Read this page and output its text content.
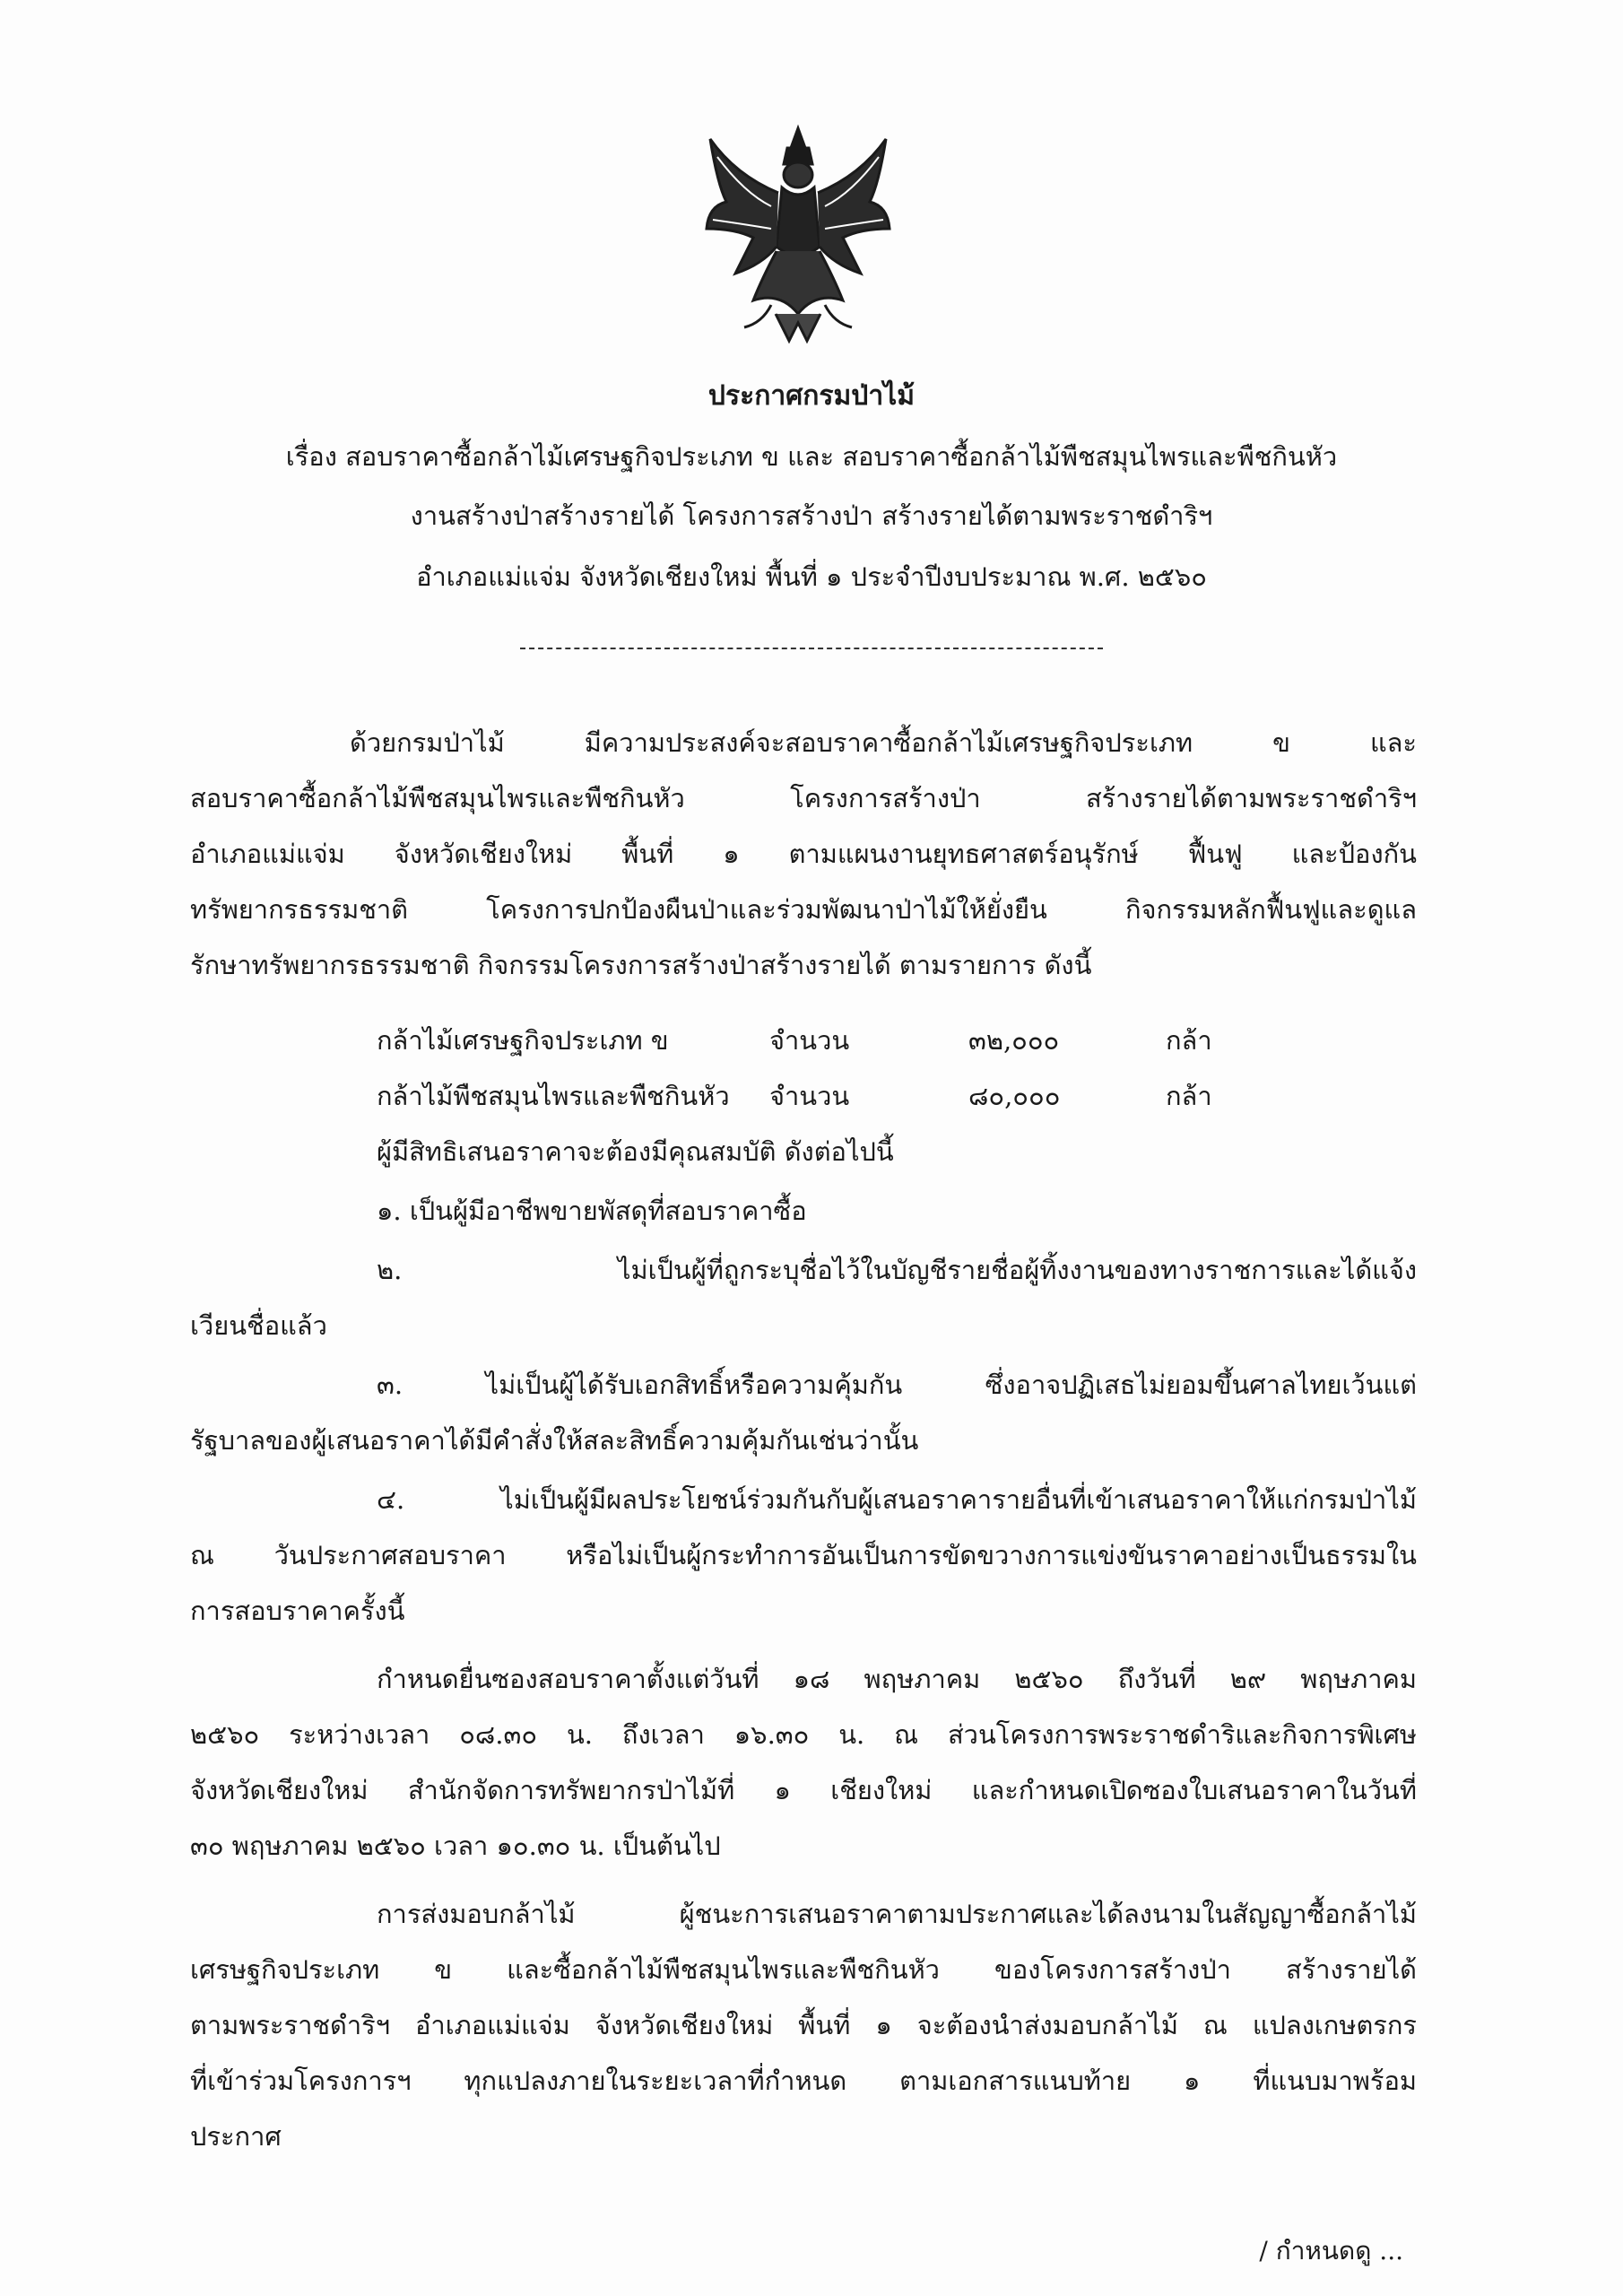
ประกาศกรมป่าไม้
เรื่อง สอบราคาซื้อกล้าไม้เศรษฐกิจประเภท ข และ สอบราคาซื้อกล้าไม้พืชสมุนไพรและพืชกินหัว
งานสร้างป่าสร้างรายได้ โครงการสร้างป่า สร้างรายได้ตามพระราชดำริฯ
อำเภอแม่แจ่ม จังหวัดเชียงใหม่ พื้นที่ ๑ ประจำปีงบประมาณ พ.ศ. ๒๕๖๐
ด้วยกรมป่าไม้ มีความประสงค์จะสอบราคาซื้อกล้าไม้เศรษฐกิจประเภท ข และ
สอบราคาซื้อกล้าไม้พืชสมุนไพรและพืชกินหัว โครงการสร้างป่า สร้างรายได้ตามพระราชดำริฯ
อำเภอแม่แจ่ม จังหวัดเชียงใหม่ พื้นที่ ๑ ตามแผนงานยุทธศาสตร์อนุรักษ์ ฟื้นฟู และป้องกัน
ทรัพยากรธรรมชาติ โครงการปกป้องผืนป่าและร่วมพัฒนาป่าไม้ให้ยั่งยืน กิจกรรมหลักฟื้นฟูและดูแล
รักษาทรัพยากรธรรมชาติ กิจกรรมโครงการสร้างป่าสร้างรายได้ ตามรายการ ดังนี้
กล้าไม้เศรษฐกิจประเภท ข	จำนวน	๓๒,๐๐๐	กล้า
กล้าไม้พืชสมุนไพรและพืชกินหัว จำนวน	๘๐,๐๐๐	กล้า
ผู้มีสิทธิเสนอราคาจะต้องมีคุณสมบัติ ดังต่อไปนี้
๑. เป็นผู้มีอาชีพขายพัสดุที่สอบราคาซื้อ
๒. ไม่เป็นผู้ที่ถูกระบุชื่อไว้ในบัญชีรายชื่อผู้ทิ้งงานของทางราชการและได้แจ้ง
เวียนชื่อแล้ว
๓. ไม่เป็นผู้ได้รับเอกสิทธิ์หรือความคุ้มกัน ซึ่งอาจปฏิเสธไม่ยอมขึ้นศาลไทยเว้นแต่
รัฐบาลของผู้เสนอราคาได้มีคำสั่งให้สละสิทธิ์ความคุ้มกันเช่นว่านั้น
๔. ไม่เป็นผู้มีผลประโยชน์ร่วมกันกับผู้เสนอราคารายอื่นที่เข้าเสนอราคาให้แก่กรมป่าไม้
ณ วันประกาศสอบราคา หรือไม่เป็นผู้กระทำการอันเป็นการขัดขวางการแข่งขันราคาอย่างเป็นธรรมใน
การสอบราคาครั้งนี้
กำหนดยื่นซองสอบราคาตั้งแต่วันที่ ๑๘ พฤษภาคม ๒๕๖๐ ถึงวันที่ ๒๙ พฤษภาคม
๒๕๖๐ ระหว่างเวลา ๐๘.๓๐ น. ถึงเวลา ๑๖.๓๐ น. ณ ส่วนโครงการพระราชดำริและกิจการพิเศษ
จังหวัดเชียงใหม่ สำนักจัดการทรัพยากรป่าไม้ที่ ๑ เชียงใหม่ และกำหนดเปิดซองใบเสนอราคาในวันที่
๓๐ พฤษภาคม ๒๕๖๐ เวลา ๑๐.๓๐ น. เป็นต้นไป
การส่งมอบกล้าไม้ ผู้ชนะการเสนอราคาตามประกาศและได้ลงนามในสัญญาซื้อกล้าไม้
เศรษฐกิจประเภท ข และซื้อกล้าไม้พืชสมุนไพรและพืชกินหัว ของโครงการสร้างป่า สร้างรายได้
ตามพระราชดำริฯ อำเภอแม่แจ่ม จังหวัดเชียงใหม่ พื้นที่ ๑ จะต้องนำส่งมอบกล้าไม้ ณ แปลงเกษตรกร
ที่เข้าร่วมโครงการฯ ทุกแปลงภายในระยะเวลาที่กำหนด ตามเอกสารแนบท้าย ๑ ที่แนบมาพร้อม
ประกาศ
/ กำหนดดู ...
